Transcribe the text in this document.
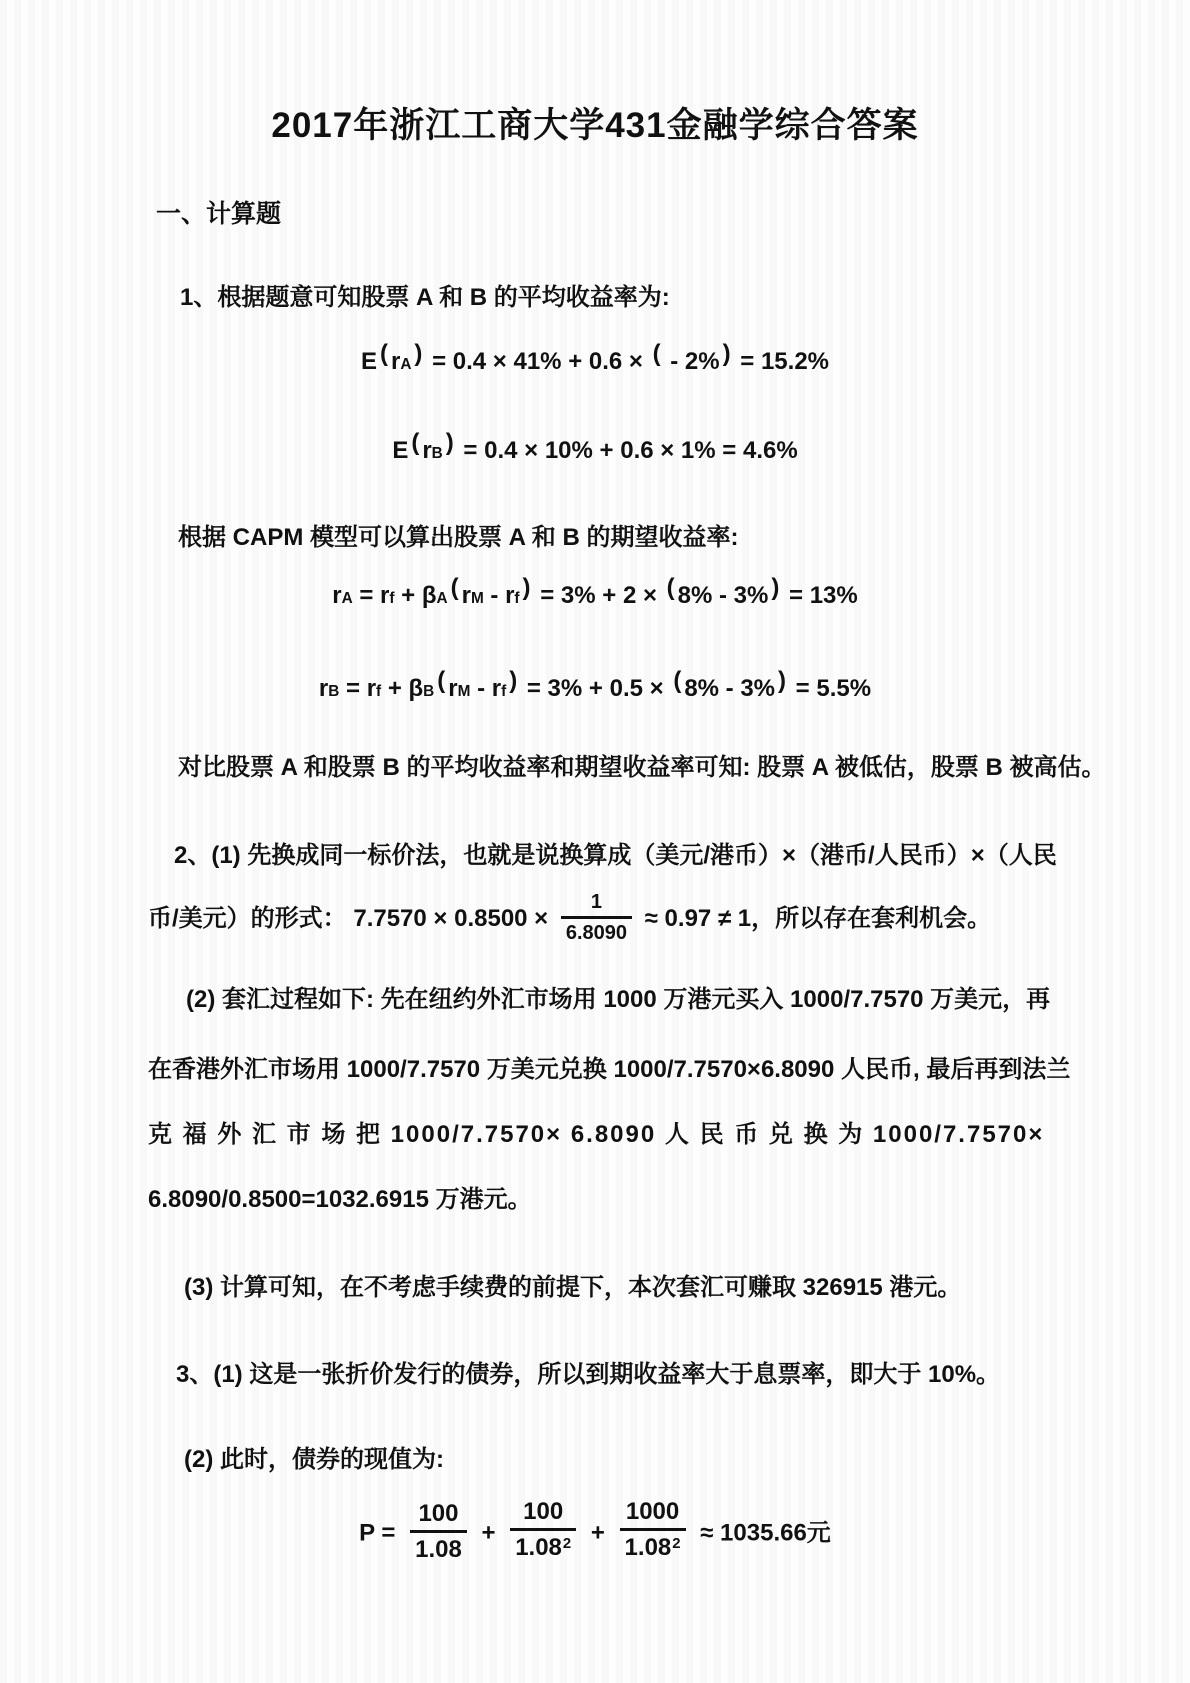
2017年浙江工商大学431金融学综合答案
一、计算题

1、根据题意可知股票 A 和 B 的平均收益率为:

E ( rA ) = 0.4 × 41% + 0.6 × ( - 2% ) = 15.2%
E ( rB ) = 0.4 × 10% + 0.6 × 1% = 4.6%

根据 CAPM 模型可以算出股票 A 和 B 的期望收益率:

rA = rf + βA ( rM - rf ) = 3% + 2 × ( 8% - 3% ) = 13%
rB = rf + βB ( rM - rf ) = 3% + 0.5 × ( 8% - 3% ) = 5.5%

对比股票 A 和股票 B 的平均收益率和期望收益率可知: 股票 A 被低估，股票 B 被高估。

2、(1) 先换成同一标价法，也就是说换算成（美元/港币）×（港币/人民币）×（人民

币/美元）的形式： $7.7570 \times 0.8500 \times \frac{1}{6.8090} \approx 0.97 \ne 1$，所以存在套利机会。

(2) 套汇过程如下: 先在纽约外汇市场用 1000 万港元买入 1000/7.7570 万美元，再

在香港外汇市场用 1000/7.7570 万美元兑换 1000/7.7570×6.8090 人民币, 最后再到法兰

克 福 外 汇 市 场 把 1000/7.7570× 6.8090 人 民 币 兑 换 为 1000/7.7570×

6.8090/0.8500=1032.6915 万港元。

(3) 计算可知，在不考虑手续费的前提下，本次套汇可赚取 326915 港元。

3、(1) 这是一张折价发行的债券，所以到期收益率大于息票率，即大于 10%。

(2) 此时，债券的现值为:

$P = \frac{100}{1.08} + \frac{100}{1.08^2} + \frac{1000}{1.08^2} \approx 1035.66$元
